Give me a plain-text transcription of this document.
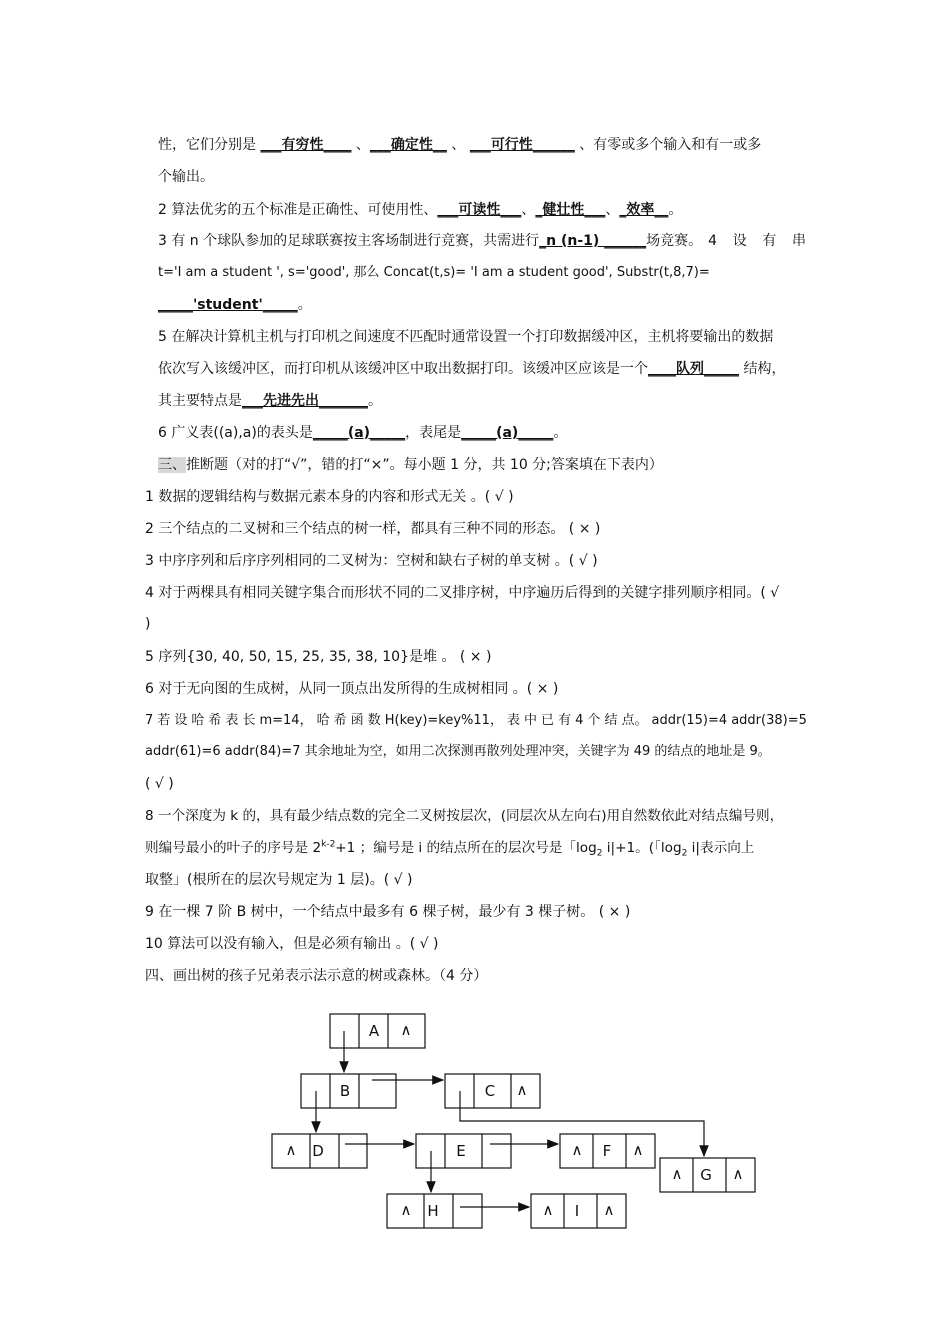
性，它们分别是 ___有穷性____ 、___确定性__ 、 ___可行性______ 、有零或多个输入和有一或多
个输出。
2 算法优劣的五个标准是正确性、可使用性、___可读性___、_健壮性___、_效率__。
3 有 n 个球队参加的足球联赛按主客场制进行竞赛，共需进行 _n (n-1) ______ 场竞赛。 4 设 有 串
t='I am a student ', s='good', 那么 Concat(t,s)= 'I am a student good', Substr(t,8,7)=
_____'student'_____。
5 在解决计算机主机与打印机之间速度不匹配时通常设置一个打印数据缓冲区，主机将要输出的数据
依次写入该缓冲区，而打印机从该缓冲区中取出数据打印。该缓冲区应该是一个____队列_____ 结构，
其主要特点是___先进先出_______。
6 广义表((a),a)的表头是_____(a)_____，表尾是_____(a)_____。
三、推断题（对的打“√”，错的打“×”。每小题 1 分，共 10 分;答案填在下表内）
1 数据的逻辑结构与数据元素本身的内容和形式无关 。( √ )
2 三个结点的二叉树和三个结点的树一样，都具有三种不同的形态。 ( × )
3 中序序列和后序序列相同的二叉树为：空树和缺右子树的单支树 。( √ )
4 对于两棵具有相同关键字集合而形状不同的二叉排序树，中序遍历后得到的关键字排列顺序相同。( √
)
5 序列{30, 40, 50, 15, 25, 35, 38, 10}是堆 。 ( × )
6 对于无向图的生成树，从同一顶点出发所得的生成树相同 。( × )
7 若 设 哈 希 表 长 m=14， 哈 希 函 数 H(key)=key%11， 表 中 已 有 4 个 结 点。 addr(15)=4 addr(38)=5
addr(61)=6 addr(84)=7 其余地址为空，如用二次探测再散列处理冲突，关键字为 49 的结点的地址是 9。
( √ )
8 一个深度为 k 的，具有最少结点数的完全二叉树按层次，(同层次从左向右)用自然数依此对结点编号则，
则编号最小的叶子的序号是 $2^{k-2}+1$ ；编号是 i 的结点所在的层次号是「$\log_2 i|+1$。(「$\log_2 i|$表示向上
取整」(根所在的层次号规定为 1 层)。( √ )
9 在一棵 7 阶 B 树中，一个结点中最多有 6 棵子树，最少有 3 棵子树。 ( × )
10 算法可以没有输入，但是必须有输出 。( √ )
四、画出树的孩子兄弟表示法示意的树或森林。（4 分）
A ∧
B	C ∧
∧ D	E	∧ F ∧
∧ G ∧
∧ H	∧ I ∧
